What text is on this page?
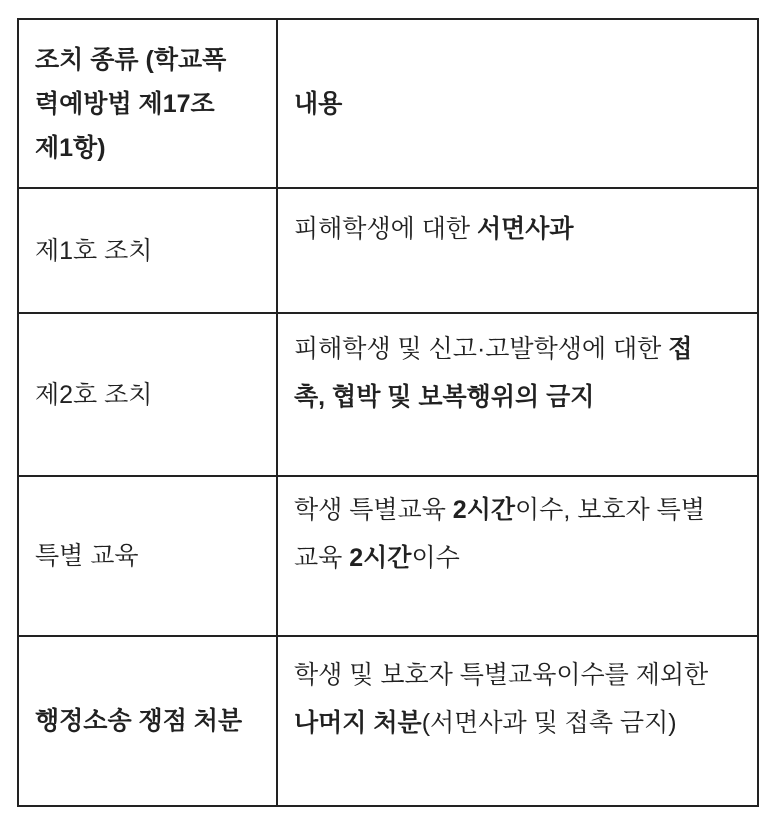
조치 종류 (학교폭
력예방법 제17조
제1항)	내용

제1호 조치	피해학생에 대한 서면사과

제2호 조치	피해학생 및 신고·고발학생에 대한 접
촉, 협박 및 보복행위의 금지

특별 교육	학생 특별교육 2시간이수, 보호자 특별
교육 2시간이수

행정소송 쟁점 처분	학생 및 보호자 특별교육이수를 제외한
나머지 처분(서면사과 및 접촉 금지)
